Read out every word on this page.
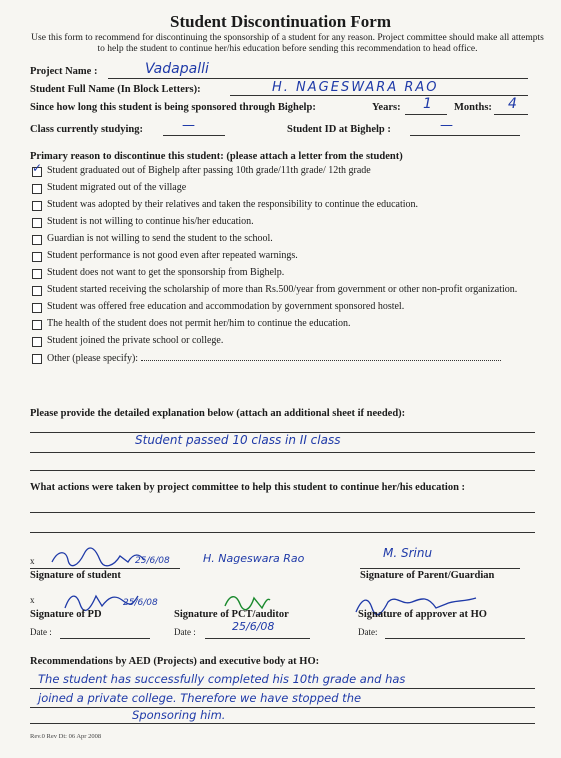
Student Discontinuation Form
Use this form to recommend for discontinuing the sponsorship of a student for any reason. Project committee should make all attempts to help the student to continue her/his education before sending this recommendation to head office.
Project Name :	Vadapalli
Student Full Name (In Block Letters):	H. NAGESWARA RAO
Since how long this student is being sponsored through Bighelp:	Years: 1 Months: 4
Class currently studying:	—	Student ID at Bighelp :	—
Primary reason to discontinue this student: (please attach a letter from the student)
✓
Student graduated out of Bighelp after passing 10th grade/11th grade/ 12th grade
Student migrated out of the village
Student was adopted by their relatives and taken the responsibility to continue the education.
Student is not willing to continue his/her education.
Guardian is not willing to send the student to the school.
Student performance is not good even after repeated warnings.
Student does not want to get the sponsorship from Bighelp.
Student started receiving the scholarship of more than Rs.500/year from government or other non-profit organization.
Student was offered free education and accommodation by government sponsored hostel.
The health of the student does not permit her/him to continue the education.
Student joined the private school or college.
Other (please specify):
Please provide the detailed explanation below (attach an additional sheet if needed):
Student passed 10 class in II class
What actions were taken by project committee to help this student to continue her/his education :
x	25/6/08	H. Nageswara Rao	M. Srinu
Signature of student	Signature of Parent/Guardian
x	25/6/08
Signature of PD	Signature of PCT/auditor	Signature of approver at HO
Date :	Date :	25/6/08	Date:
Recommendations by AED (Projects) and executive body at HO:
The student has successfully completed his 10th grade and has
joined a private college. Therefore we have stopped the
Sponsoring him.
Rev.0 Rev Dt: 06 Apr 2008
